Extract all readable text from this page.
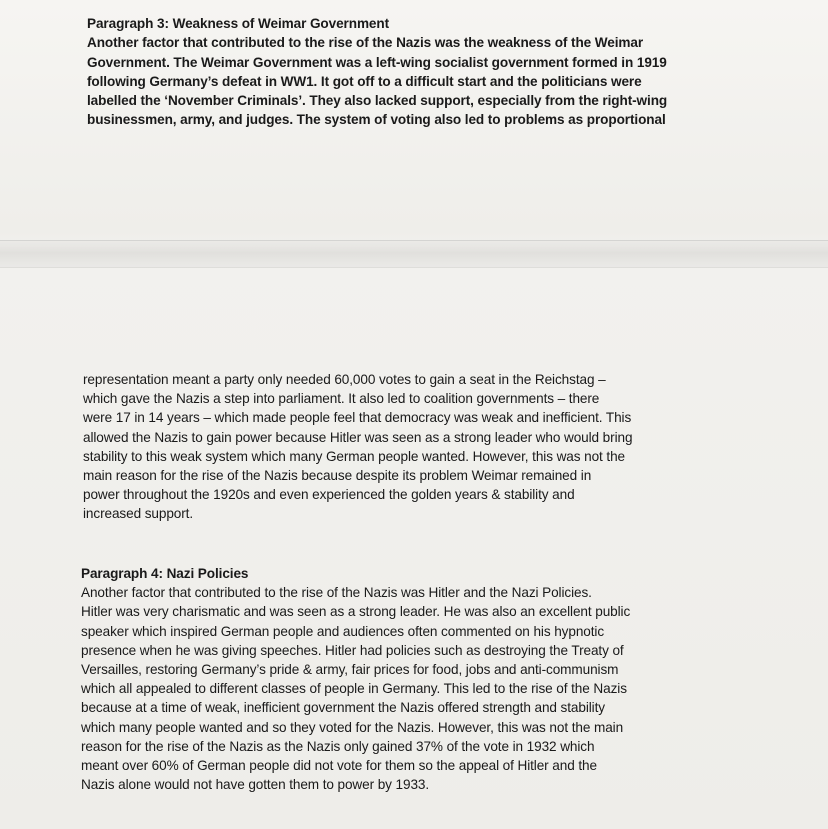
Paragraph 3: Weakness of Weimar Government
Another factor that contributed to the rise of the Nazis was the weakness of the Weimar
Government. The Weimar Government was a left-wing socialist government formed in 1919
following Germany’s defeat in WW1. It got off to a difficult start and the politicians were
labelled the ‘November Criminals’. They also lacked support, especially from the right-wing
businessmen, army, and judges. The system of voting also led to problems as proportional
representation meant a party only needed 60,000 votes to gain a seat in the Reichstag –
which gave the Nazis a step into parliament. It also led to coalition governments – there
were 17 in 14 years – which made people feel that democracy was weak and inefficient. This
allowed the Nazis to gain power because Hitler was seen as a strong leader who would bring
stability to this weak system which many German people wanted. However, this was not the
main reason for the rise of the Nazis because despite its problem Weimar remained in
power throughout the 1920s and even experienced the golden years & stability and
increased support.
Paragraph 4: Nazi Policies
Another factor that contributed to the rise of the Nazis was Hitler and the Nazi Policies.
Hitler was very charismatic and was seen as a strong leader. He was also an excellent public
speaker which inspired German people and audiences often commented on his hypnotic
presence when he was giving speeches. Hitler had policies such as destroying the Treaty of
Versailles, restoring Germany’s pride & army, fair prices for food, jobs and anti-communism
which all appealed to different classes of people in Germany. This led to the rise of the Nazis
because at a time of weak, inefficient government the Nazis offered strength and stability
which many people wanted and so they voted for the Nazis. However, this was not the main
reason for the rise of the Nazis as the Nazis only gained 37% of the vote in 1932 which
meant over 60% of German people did not vote for them so the appeal of Hitler and the
Nazis alone would not have gotten them to power by 1933.
